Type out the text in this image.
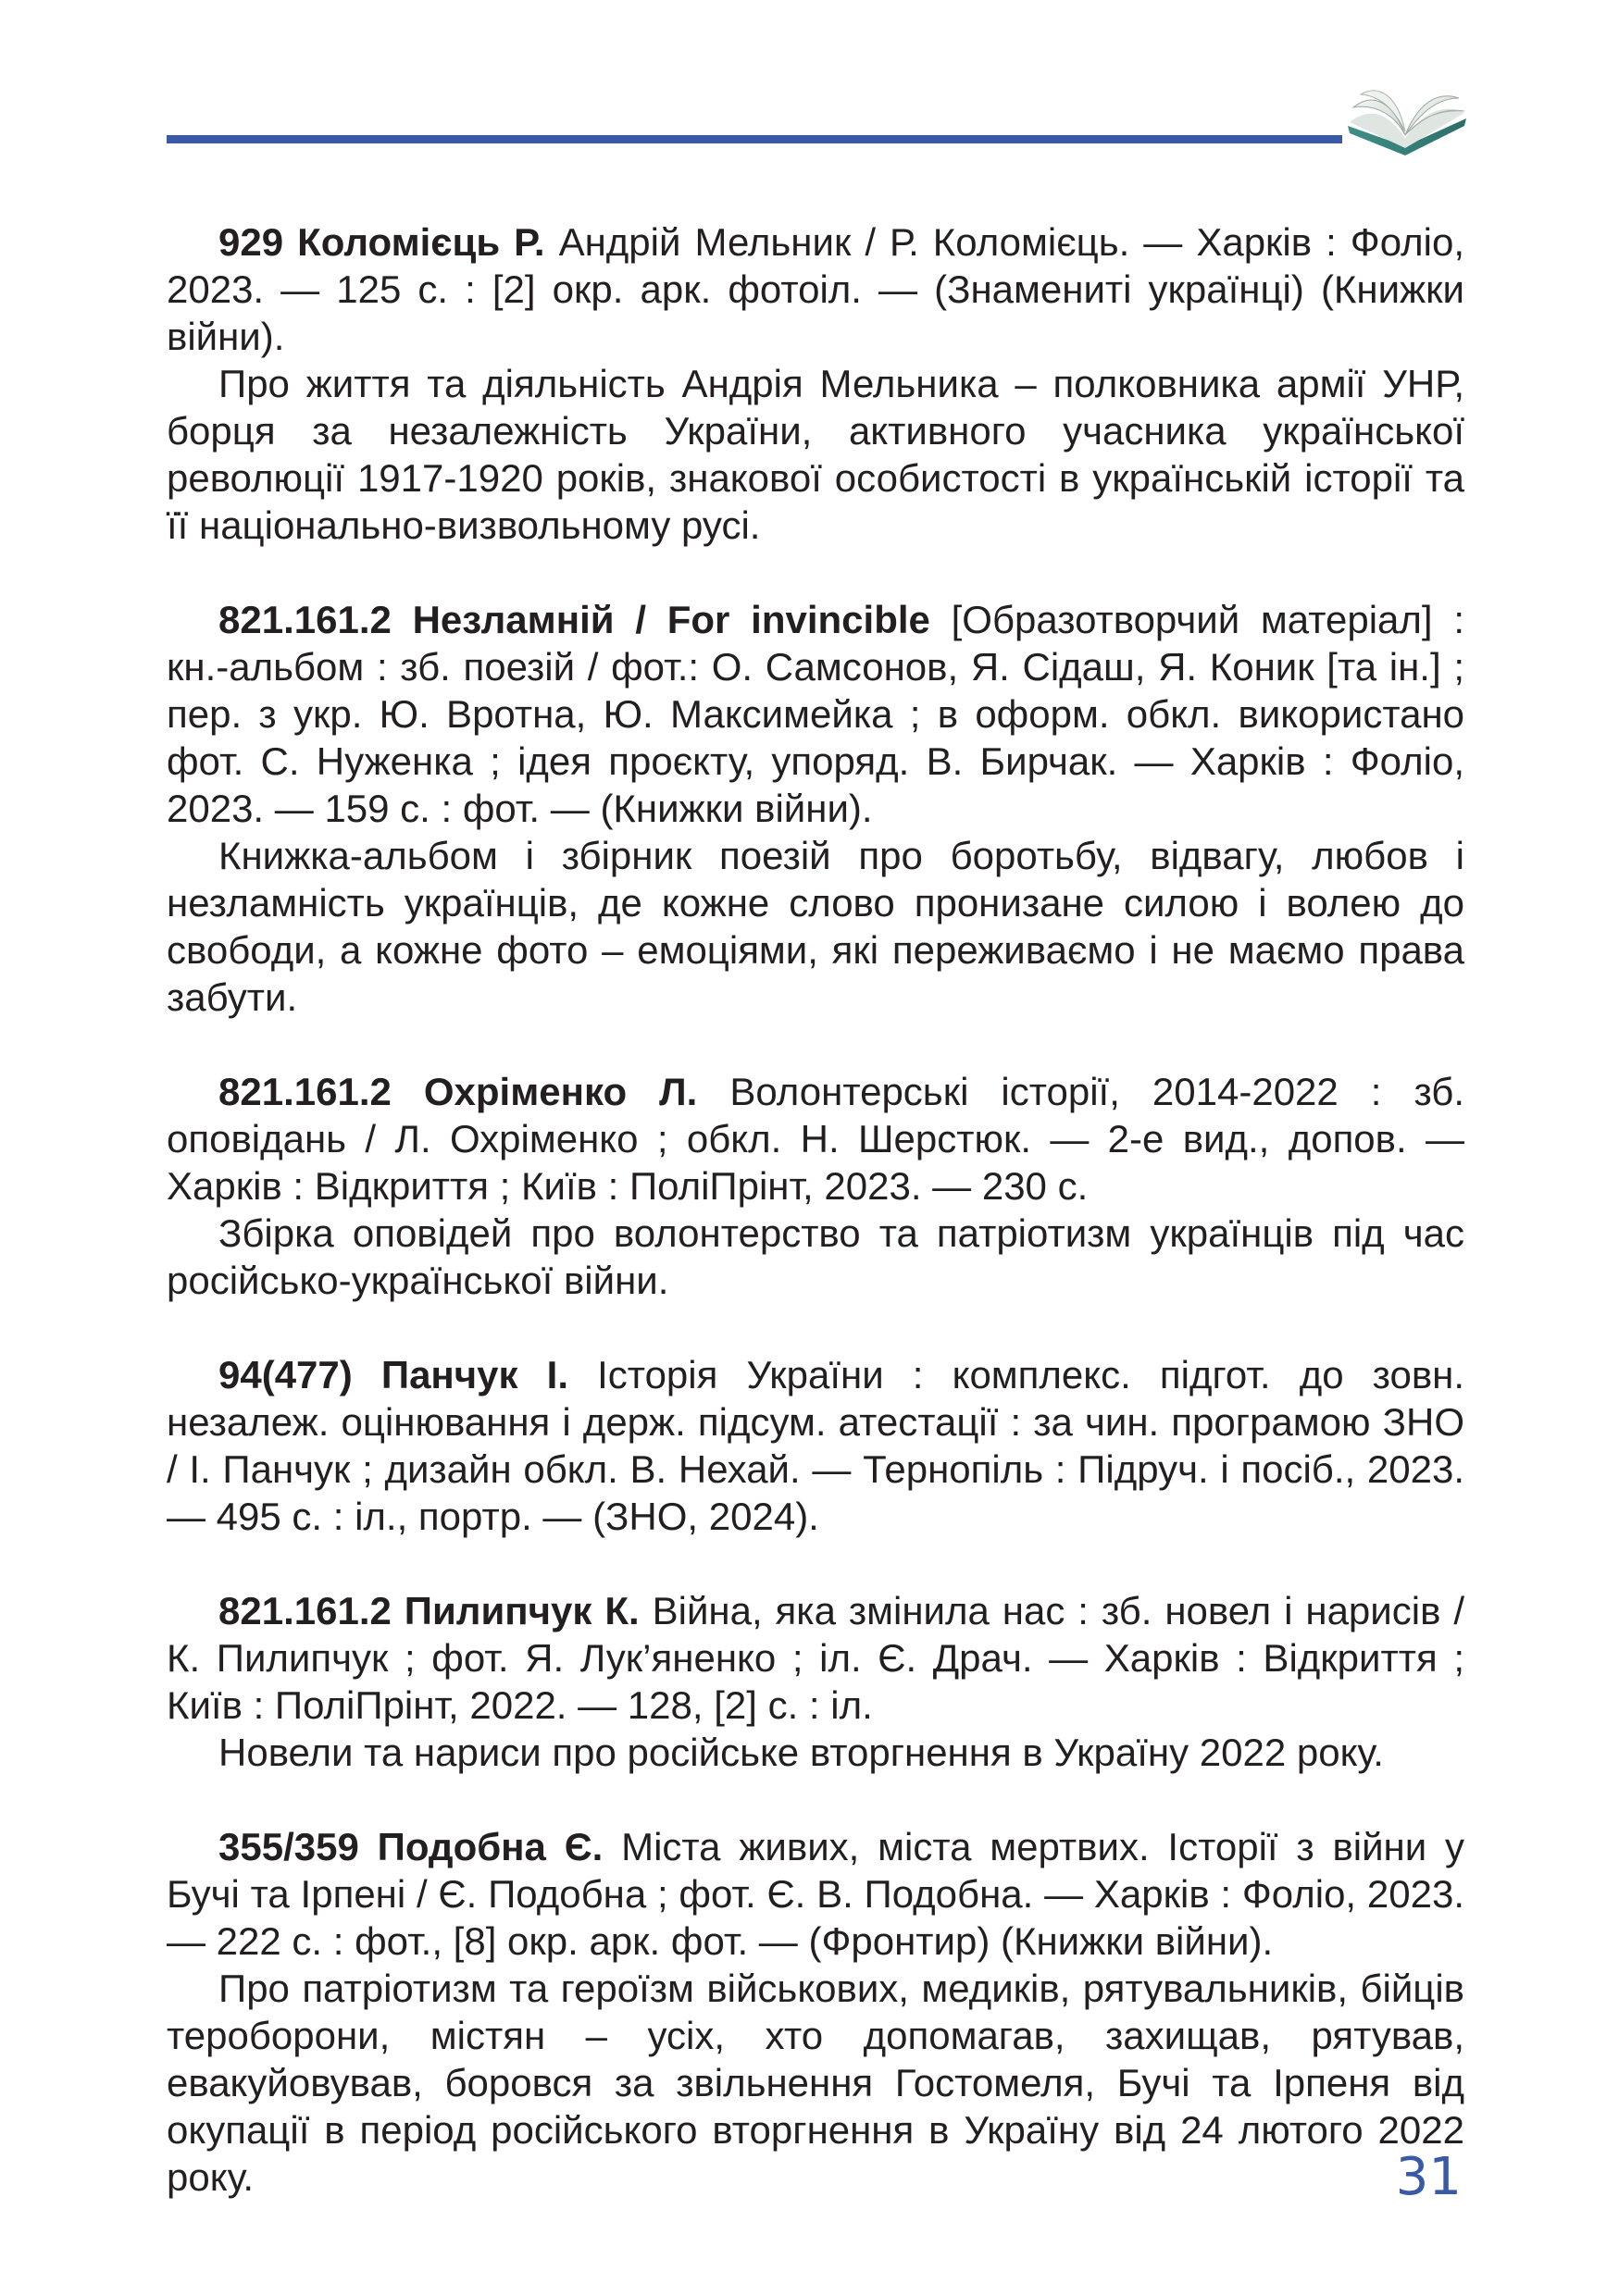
929 Коломієць Р. Андрій Мельник / Р. Коломієць. — Харків : Фоліо, 2023. — 125 с. : [2] окр. арк. фотоіл. — (Знамениті українці) (Книжки війни).

Про життя та діяльність Андрія Мельника – полковника армії УНР, борця за незалежність України, активного учасника української революції 1917-1920 років, знакової особистості в українській історії та її національно-визвольному русі.

821.161.2 Незламній / For invincible [Образотворчий матеріал] : кн.-альбом : зб. поезій / фот.: О. Самсонов, Я. Сідаш, Я. Коник [та ін.] ; пер. з укр. Ю. Вротна, Ю. Максимейка ; в оформ. обкл. використано фот. С. Нуженка ; ідея проєкту, упоряд. В. Бирчак. — Харків : Фоліо, 2023. — 159 с. : фот. — (Книжки війни).

Книжка-альбом і збірник поезій про боротьбу, відвагу, любов і незламність українців, де кожне слово пронизане силою і волею до свободи, а кожне фото – емоціями, які переживаємо і не маємо права забути.

821.161.2 Охріменко Л. Волонтерські історії, 2014-2022 : зб. оповідань / Л. Охріменко ; обкл. Н. Шерстюк. — 2-е вид., допов. — Харків : Відкриття ; Київ : ПоліПрінт, 2023. — 230 с.

Збірка оповідей про волонтерство та патріотизм українців під час російсько-української війни.

94(477) Панчук І. Історія України : комплекс. підгот. до зовн. незалеж. оцінювання і держ. підсум. атестації : за чин. програмою ЗНО / І. Панчук ; дизайн обкл. В. Нехай. — Тернопіль : Підруч. і посіб., 2023. — 495 с. : іл., портр. — (ЗНО, 2024).

821.161.2 Пилипчук К. Війна, яка змінила нас : зб. новел і нарисів / К. Пилипчук ; фот. Я. Лук’яненко ; іл. Є. Драч. — Харків : Відкриття ; Київ : ПоліПрінт, 2022. — 128, [2] с. : іл.

Новели та нариси про російське вторгнення в Україну 2022 року.

355/359 Подобна Є. Міста живих, міста мертвих. Історії з війни у Бучі та Ірпені / Є. Подобна ; фот. Є. В. Подобна. — Харків : Фоліо, 2023. — 222 с. : фот., [8] окр. арк. фот. — (Фронтир) (Книжки війни).

Про патріотизм та героїзм військових, медиків, рятувальників, бійців тероборони, містян – усіх, хто допомагав, захищав, рятував, евакуйовував, боровся за звільнення Гостомеля, Бучі та Ірпеня від окупації в період російського вторгнення в Україну від 24 лютого 2022 року.	31
